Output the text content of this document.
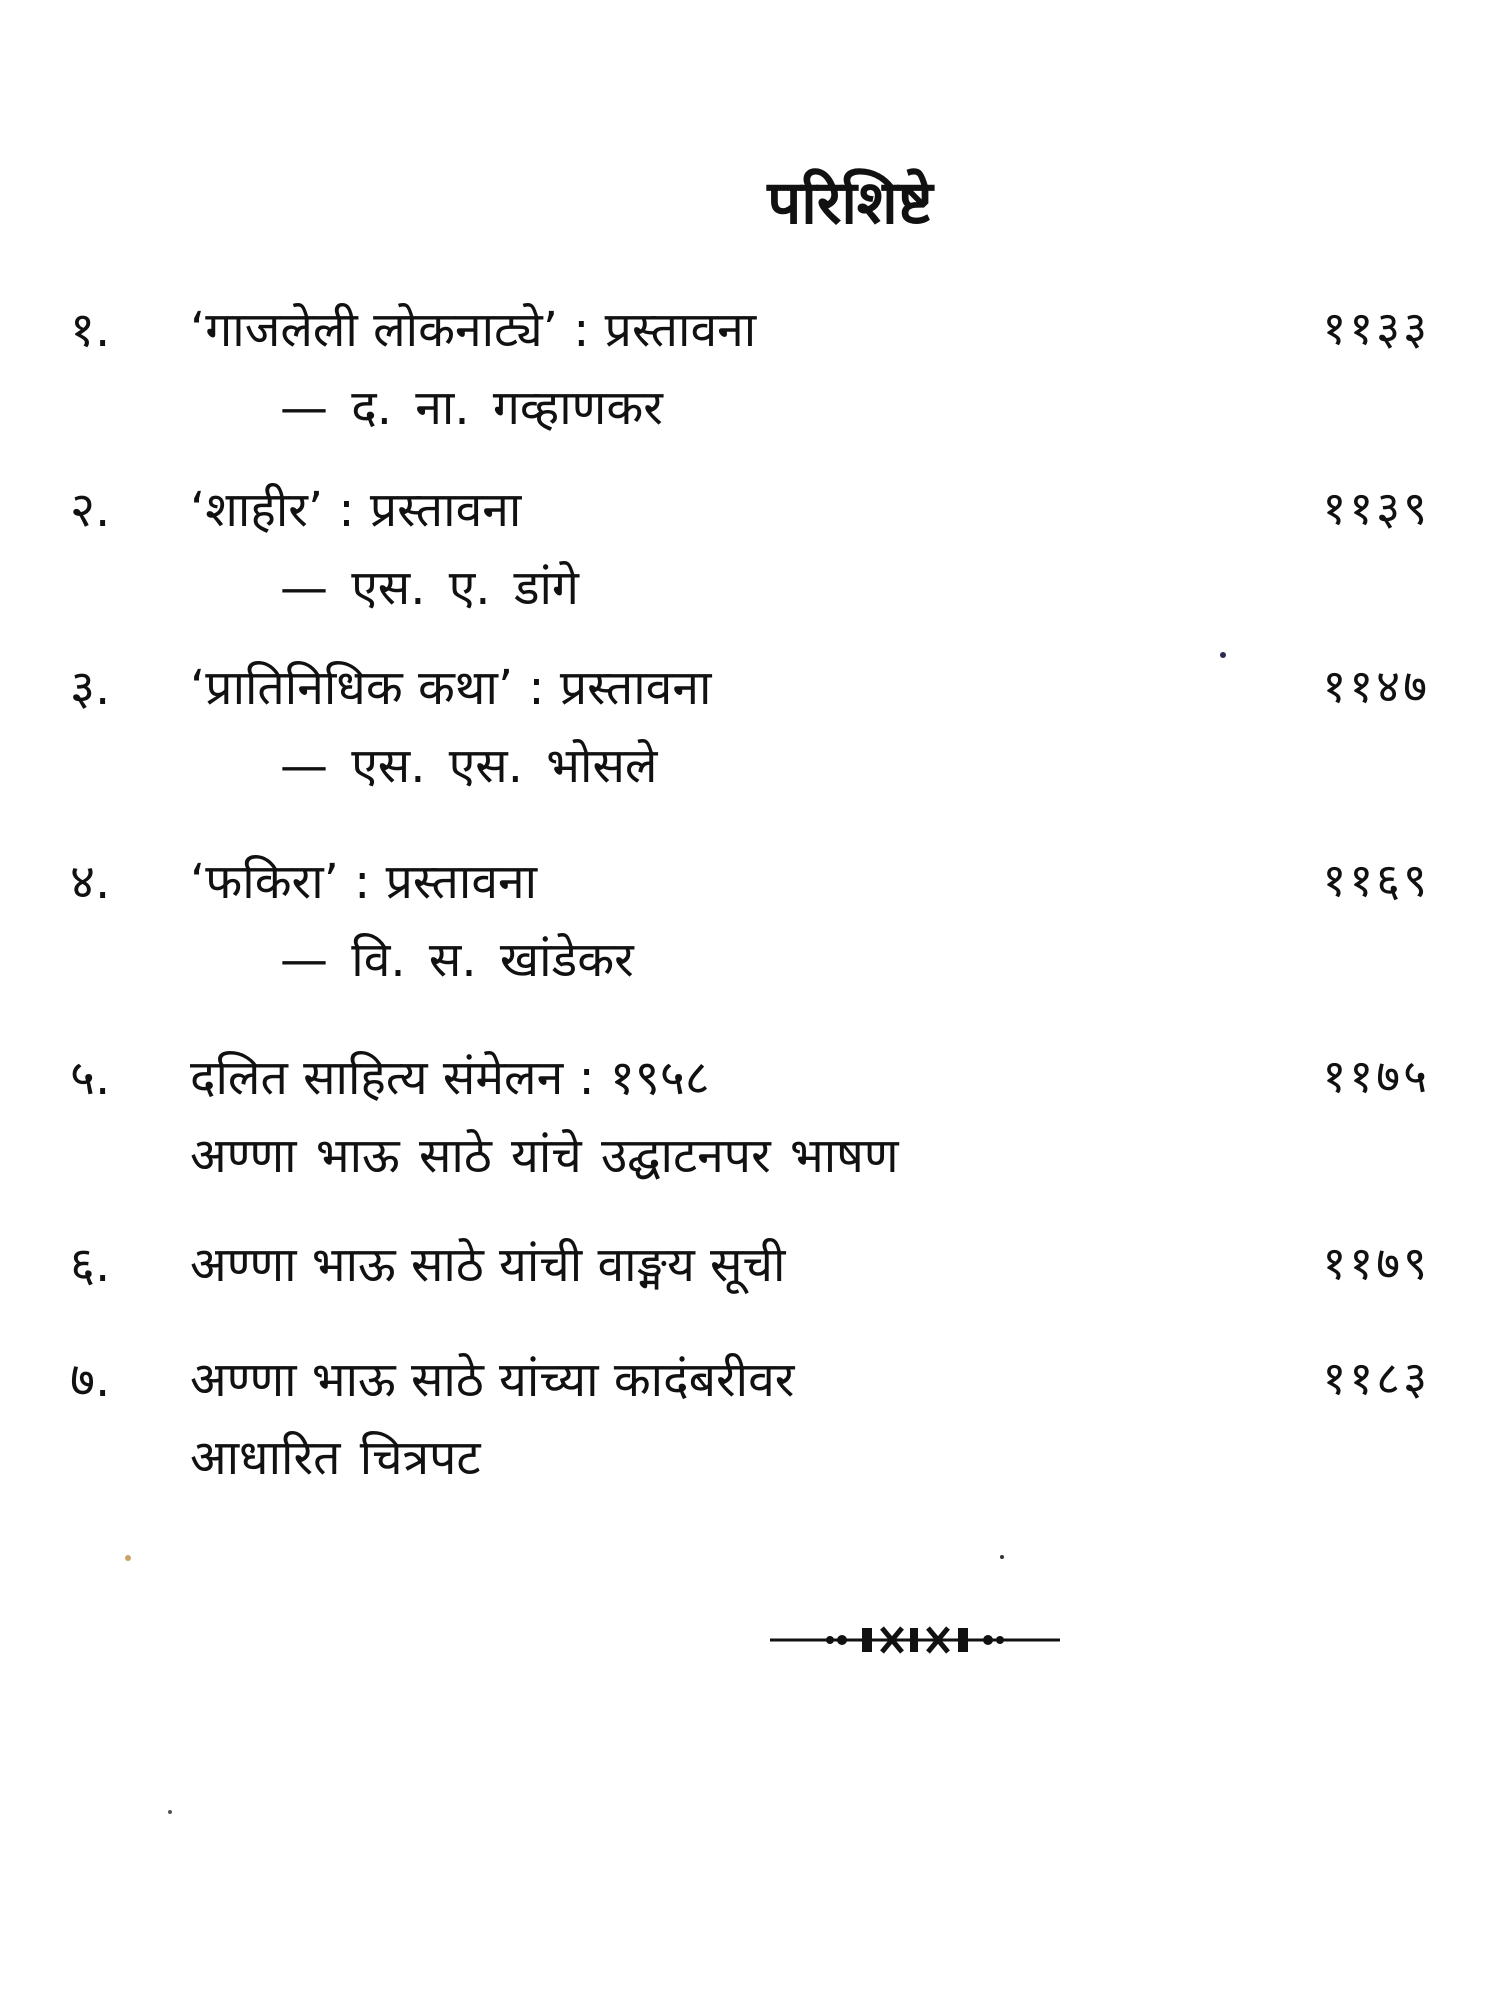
परिशिष्टे
१. ‘गाजलेली लोकनाट्ये’ : प्रस्तावना	११३३
— द. ना. गव्हाणकर
२. ‘शाहीर’ : प्रस्तावना	११३९
— एस. ए. डांगे
३. ‘प्रातिनिधिक कथा’ : प्रस्तावना	११४७
— एस. एस. भोसले
४. ‘फकिरा’ : प्रस्तावना	११६९
— वि. स. खांडेकर
५. दलित साहित्य संमेलन : १९५८	११७५
अण्णा भाऊ साठे यांचे उद्घाटनपर भाषण
६. अण्णा भाऊ साठे यांची वाङ्मय सूची	११७९
७. अण्णा भाऊ साठे यांच्या कादंबरीवर	११८३
आधारित चित्रपट
